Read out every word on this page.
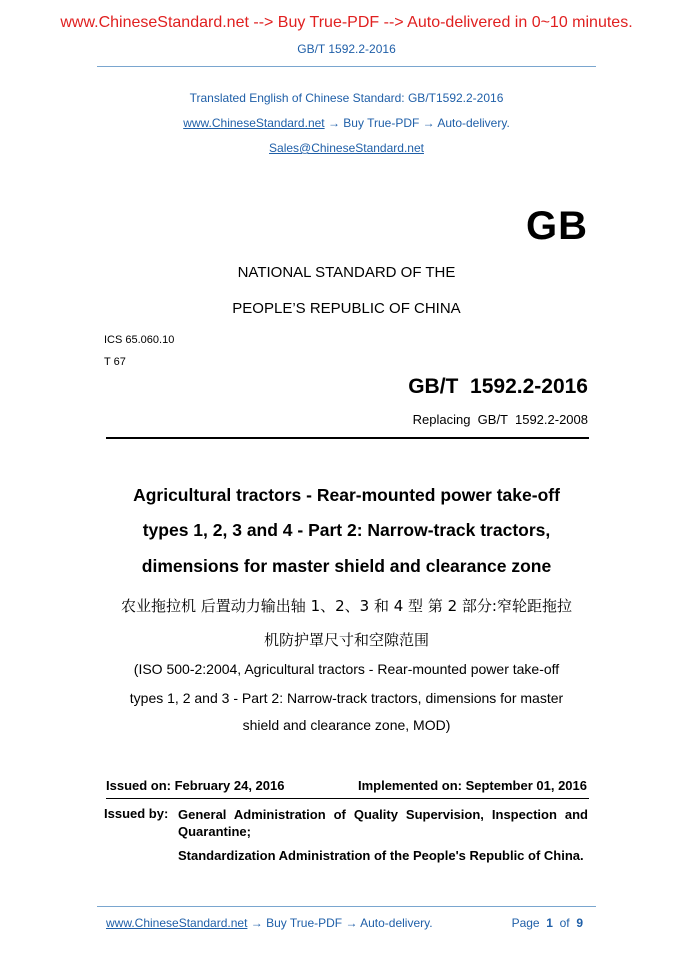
www.ChineseStandard.net --> Buy True-PDF --> Auto-delivered in 0~10 minutes.
GB/T 1592.2-2016
Translated English of Chinese Standard: GB/T1592.2-2016
www.ChineseStandard.net → Buy True-PDF → Auto-delivery.
Sales@ChineseStandard.net
GB
NATIONAL STANDARD OF THE
PEOPLE’S REPUBLIC OF CHINA
ICS 65.060.10
T 67
GB/T  1592.2-2016
Replacing  GB/T  1592.2-2008
Agricultural tractors - Rear-mounted power take-off
types 1, 2, 3 and 4 - Part 2: Narrow-track tractors,
dimensions for master shield and clearance zone
农业拖拉机 后置动力输出轴 1、2、3 和 4 型 第 2 部分:窄轮距拖拉
机防护罩尺寸和空隙范围
(ISO 500-2:2004, Agricultural tractors - Rear-mounted power take-off
types 1, 2 and 3 - Part 2: Narrow-track tractors, dimensions for master
shield and clearance zone, MOD)
Issued on: February 24, 2016	Implemented on: September 01, 2016
Issued by: General Administration of Quality Supervision, Inspection and Quarantine;
Standardization Administration of the People's Republic of China.
www.ChineseStandard.net → Buy True-PDF → Auto-delivery.	Page 1 of 9
